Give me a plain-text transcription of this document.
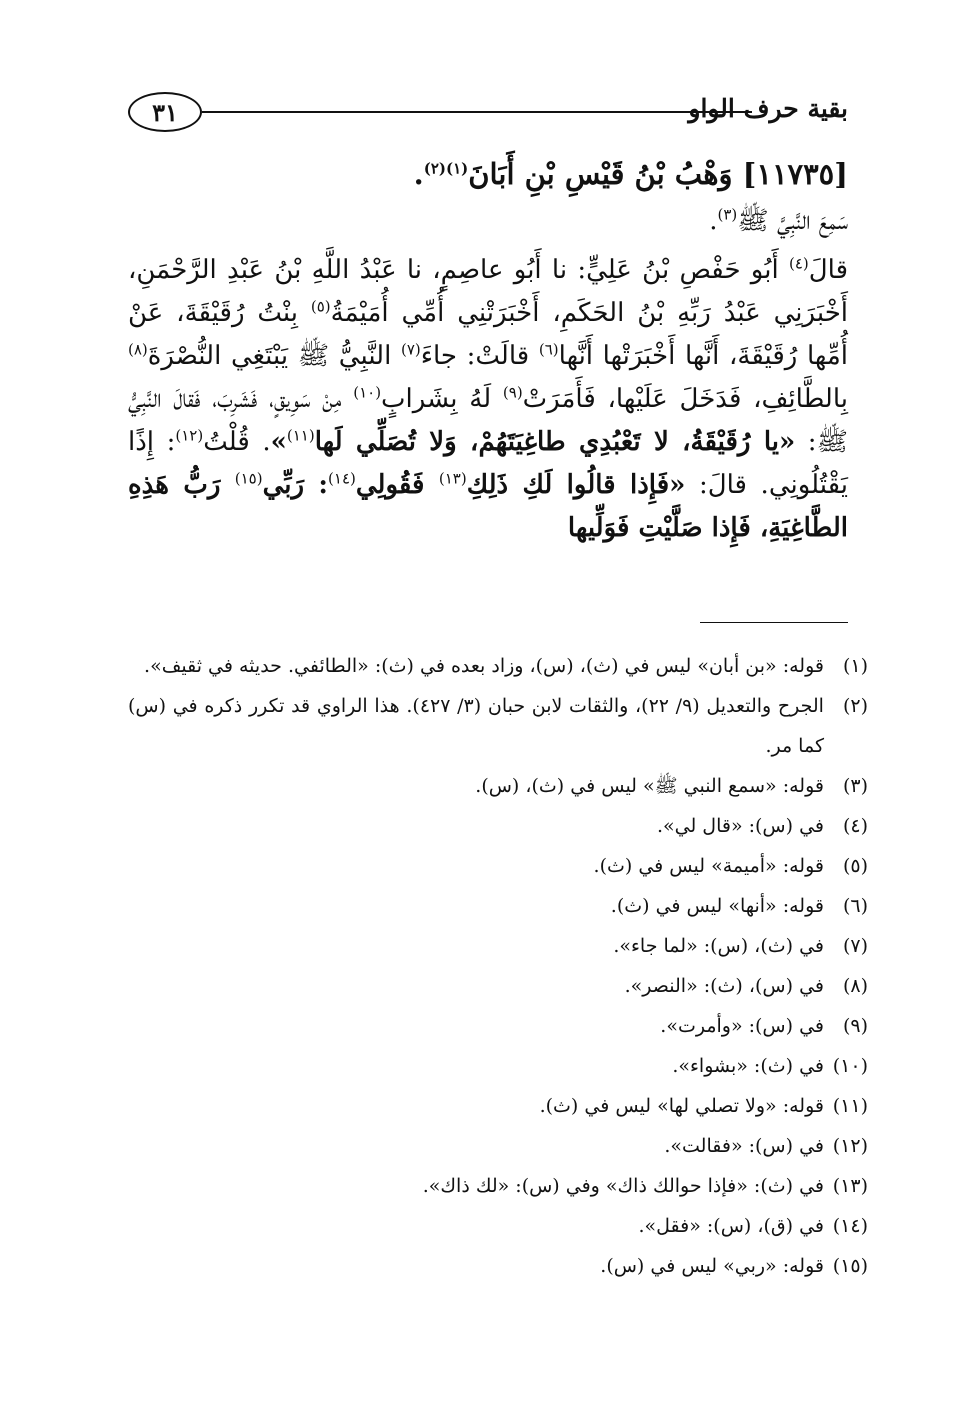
٣١	بقية حرف الواو

[١١٧٣٥] وَهْبُ بْنُ قَيْسِ بْنِ أَبَانَ$^{(١)(٢)}$.

سَمِعَ النَّبِيَّ ﷺ$^{(٣)}$.

قالَ$^{(٤)}$ أَبُو حَفْصِ بْنُ عَلِيٍّ: نا أَبُو عاصِمٍ، نا عَبْدُ اللَّهِ بْنُ عَبْدِ الرَّحْمَنِ، أَخْبَرَنِي عَبْدُ رَبِّهِ بْنُ الحَكَمِ، أَخْبَرَتْنِي أُمِّي أُمَيْمَةُ$^{(٥)}$ بِنْتُ رُقَيْقَةَ، عَنْ أُمِّها رُقَيْقَةَ، أَنَّها أَخْبَرَتْها أَنَّها$^{(٦)}$ قالَتْ: جاءَ$^{(٧)}$ النَّبِيُّ ﷺ يَبْتَغِي النُّصْرَةَ$^{(٨)}$ بِالطَّائِفِ، فَدَخَلَ عَلَيْها، فَأَمَرَتْ$^{(٩)}$ لَهُ بِشَرابٍ$^{(١٠)}$ مِنْ سَوِيقٍ، فَشَرِبَ، فَقالَ النَّبِيُّ ﷺ: «يا رُقَيْقَةُ، لا تَعْبُدِي طاغِيَتَهُمْ، وَلا تُصَلِّي لَها$^{(١١)}$». قُلْتُ$^{(١٢)}$: إِذًا يَقْتُلُونِي. قالَ: «فَإِذا قالُوا لَكِ ذَلِكِ$^{(١٣)}$ فَقُولِي$^{(١٤)}$: رَبِّي$^{(١٥)}$ رَبُّ هَذِهِ الطَّاغِيَةِ، فَإِذا صَلَّيْتِ فَوَلِّيها

(١)
قوله: «بن أبان» ليس في (ث)، (س)، وزاد بعده في (ث): «الطائفي. حديثه في ثقيف».
(٢)
الجرح والتعديل (٩/ ٢٢)، والثقات لابن حبان (٣/ ٤٢٧). هذا الراوي قد تكرر ذكره في (س) كما مر.
(٣)
قوله: «سمع النبي ﷺ» ليس في (ث)، (س).
(٤)
في (س): «قال لي».
(٥)
قوله: «أميمة» ليس في (ث).
(٦)
قوله: «أنها» ليس في (ث).
(٧)
في (ث)، (س): «لما جاء».
(٨)
في (س)، (ث): «النصر».
(٩)
في (س): «وأمرت».
(١٠)
في (ث): «بشواء».
(١١)
قوله: «ولا تصلي لها» ليس في (ث).
(١٢)
في (س): «فقالت».
(١٣)
في (ث): «فإذا حوالك ذاك» وفي (س): «لك ذاك».
(١٤)
في (ق)، (س): «فقل».
(١٥)
قوله: «ربي» ليس في (س).
